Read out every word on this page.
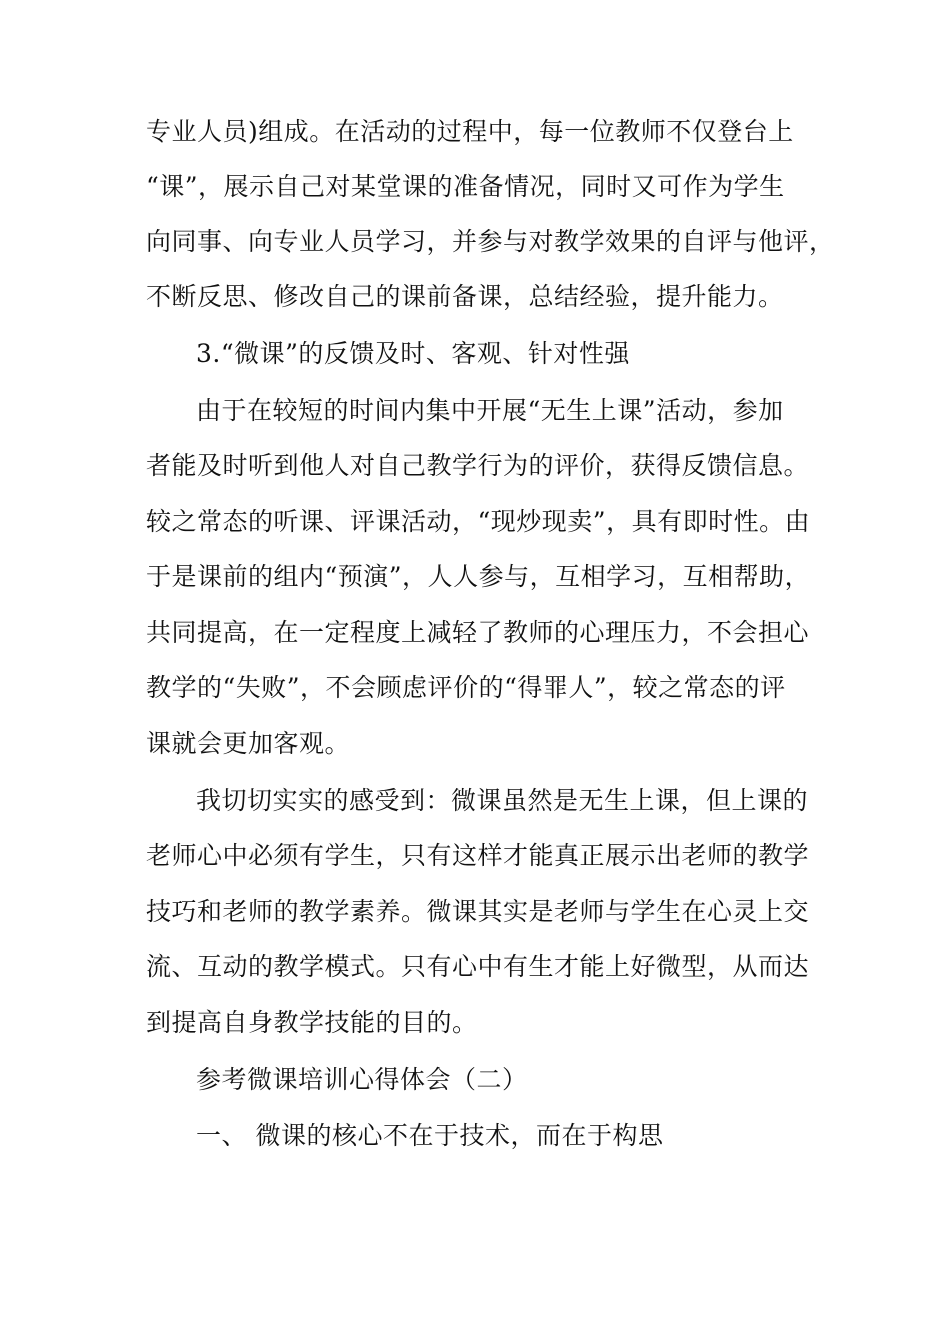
专业人员)组成。在活动的过程中，每一位教师不仅登台上
“课”，展示自己对某堂课的准备情况，同时又可作为学生
向同事、向专业人员学习，并参与对教学效果的自评与他评，
不断反思、修改自己的课前备课，总结经验，提升能力。
3.“微课”的反馈及时、客观、针对性强
由于在较短的时间内集中开展“无生上课”活动，参加
者能及时听到他人对自己教学行为的评价，获得反馈信息。
较之常态的听课、评课活动，“现炒现卖”，具有即时性。由
于是课前的组内“预演”，人人参与，互相学习，互相帮助，
共同提高，在一定程度上减轻了教师的心理压力，不会担心
教学的“失败”，不会顾虑评价的“得罪人”，较之常态的评
课就会更加客观。
我切切实实的感受到：微课虽然是无生上课，但上课的
老师心中必须有学生，只有这样才能真正展示出老师的教学
技巧和老师的教学素养。微课其实是老师与学生在心灵上交
流、互动的教学模式。只有心中有生才能上好微型，从而达
到提高自身教学技能的目的。
参考微课培训心得体会（二）
一、 微课的核心不在于技术，而在于构思
